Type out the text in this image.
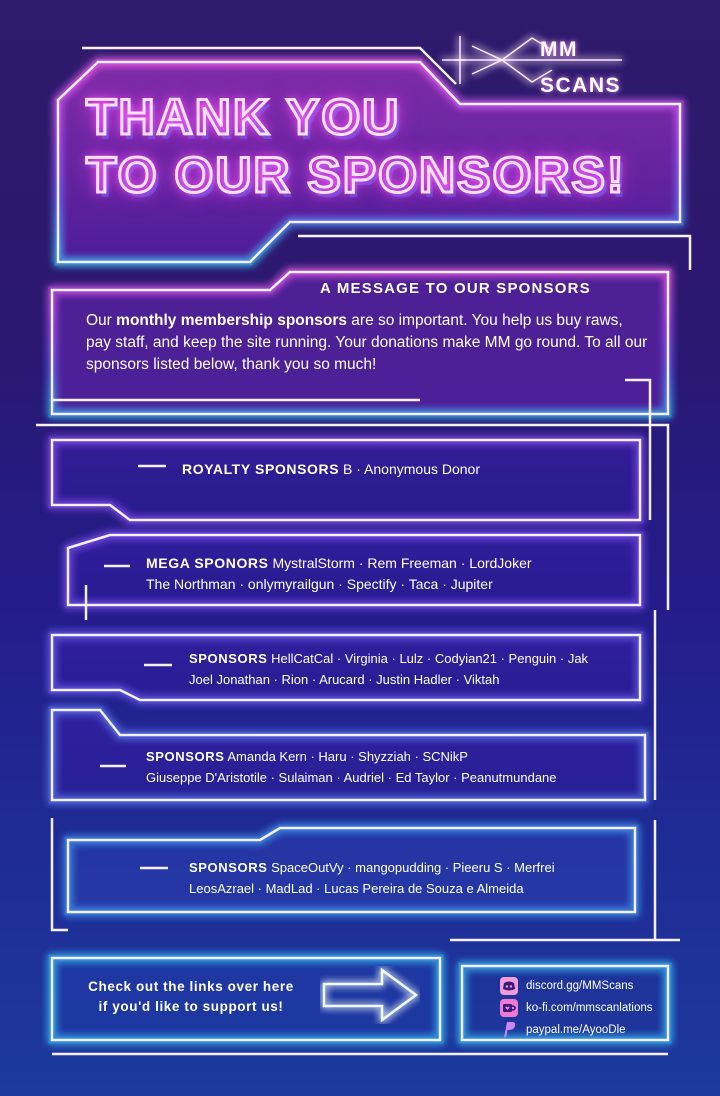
MM
SCANS
THANK YOU
TO OUR SPONSORS!
A MESSAGE TO OUR SPONSORS
Our monthly membership sponsors are so important. You help us buy raws, pay staff, and keep the site running. Your donations make MM go round. To all our sponsors listed below, thank you so much!
ROYALTY SPONSORS B · Anonymous Donor
MEGA SPONORS MystralStorm · Rem Freeman · LordJoker
The Northman · onlymyrailgun · Spectify · Taca · Jupiter
SPONSORS HellCatCal · Virginia · Lulz · Codyian21 · Penguin · Jak
Joel Jonathan · Rion · Arucard · Justin Hadler · Viktah
SPONSORS Amanda Kern · Haru · Shyzziah · SCNikP
Giuseppe D'Aristotile · Sulaiman · Audriel · Ed Taylor · Peanutmundane
SPONSORS SpaceOutVy · mangopudding · Pieeru S · Merfrei
LeosAzrael · MadLad · Lucas Pereira de Souza e Almeida
Check out the links over here
if you'd like to support us!
discord.gg/MMScans
ko-fi.com/mmscanlations
paypal.me/AyooDle
